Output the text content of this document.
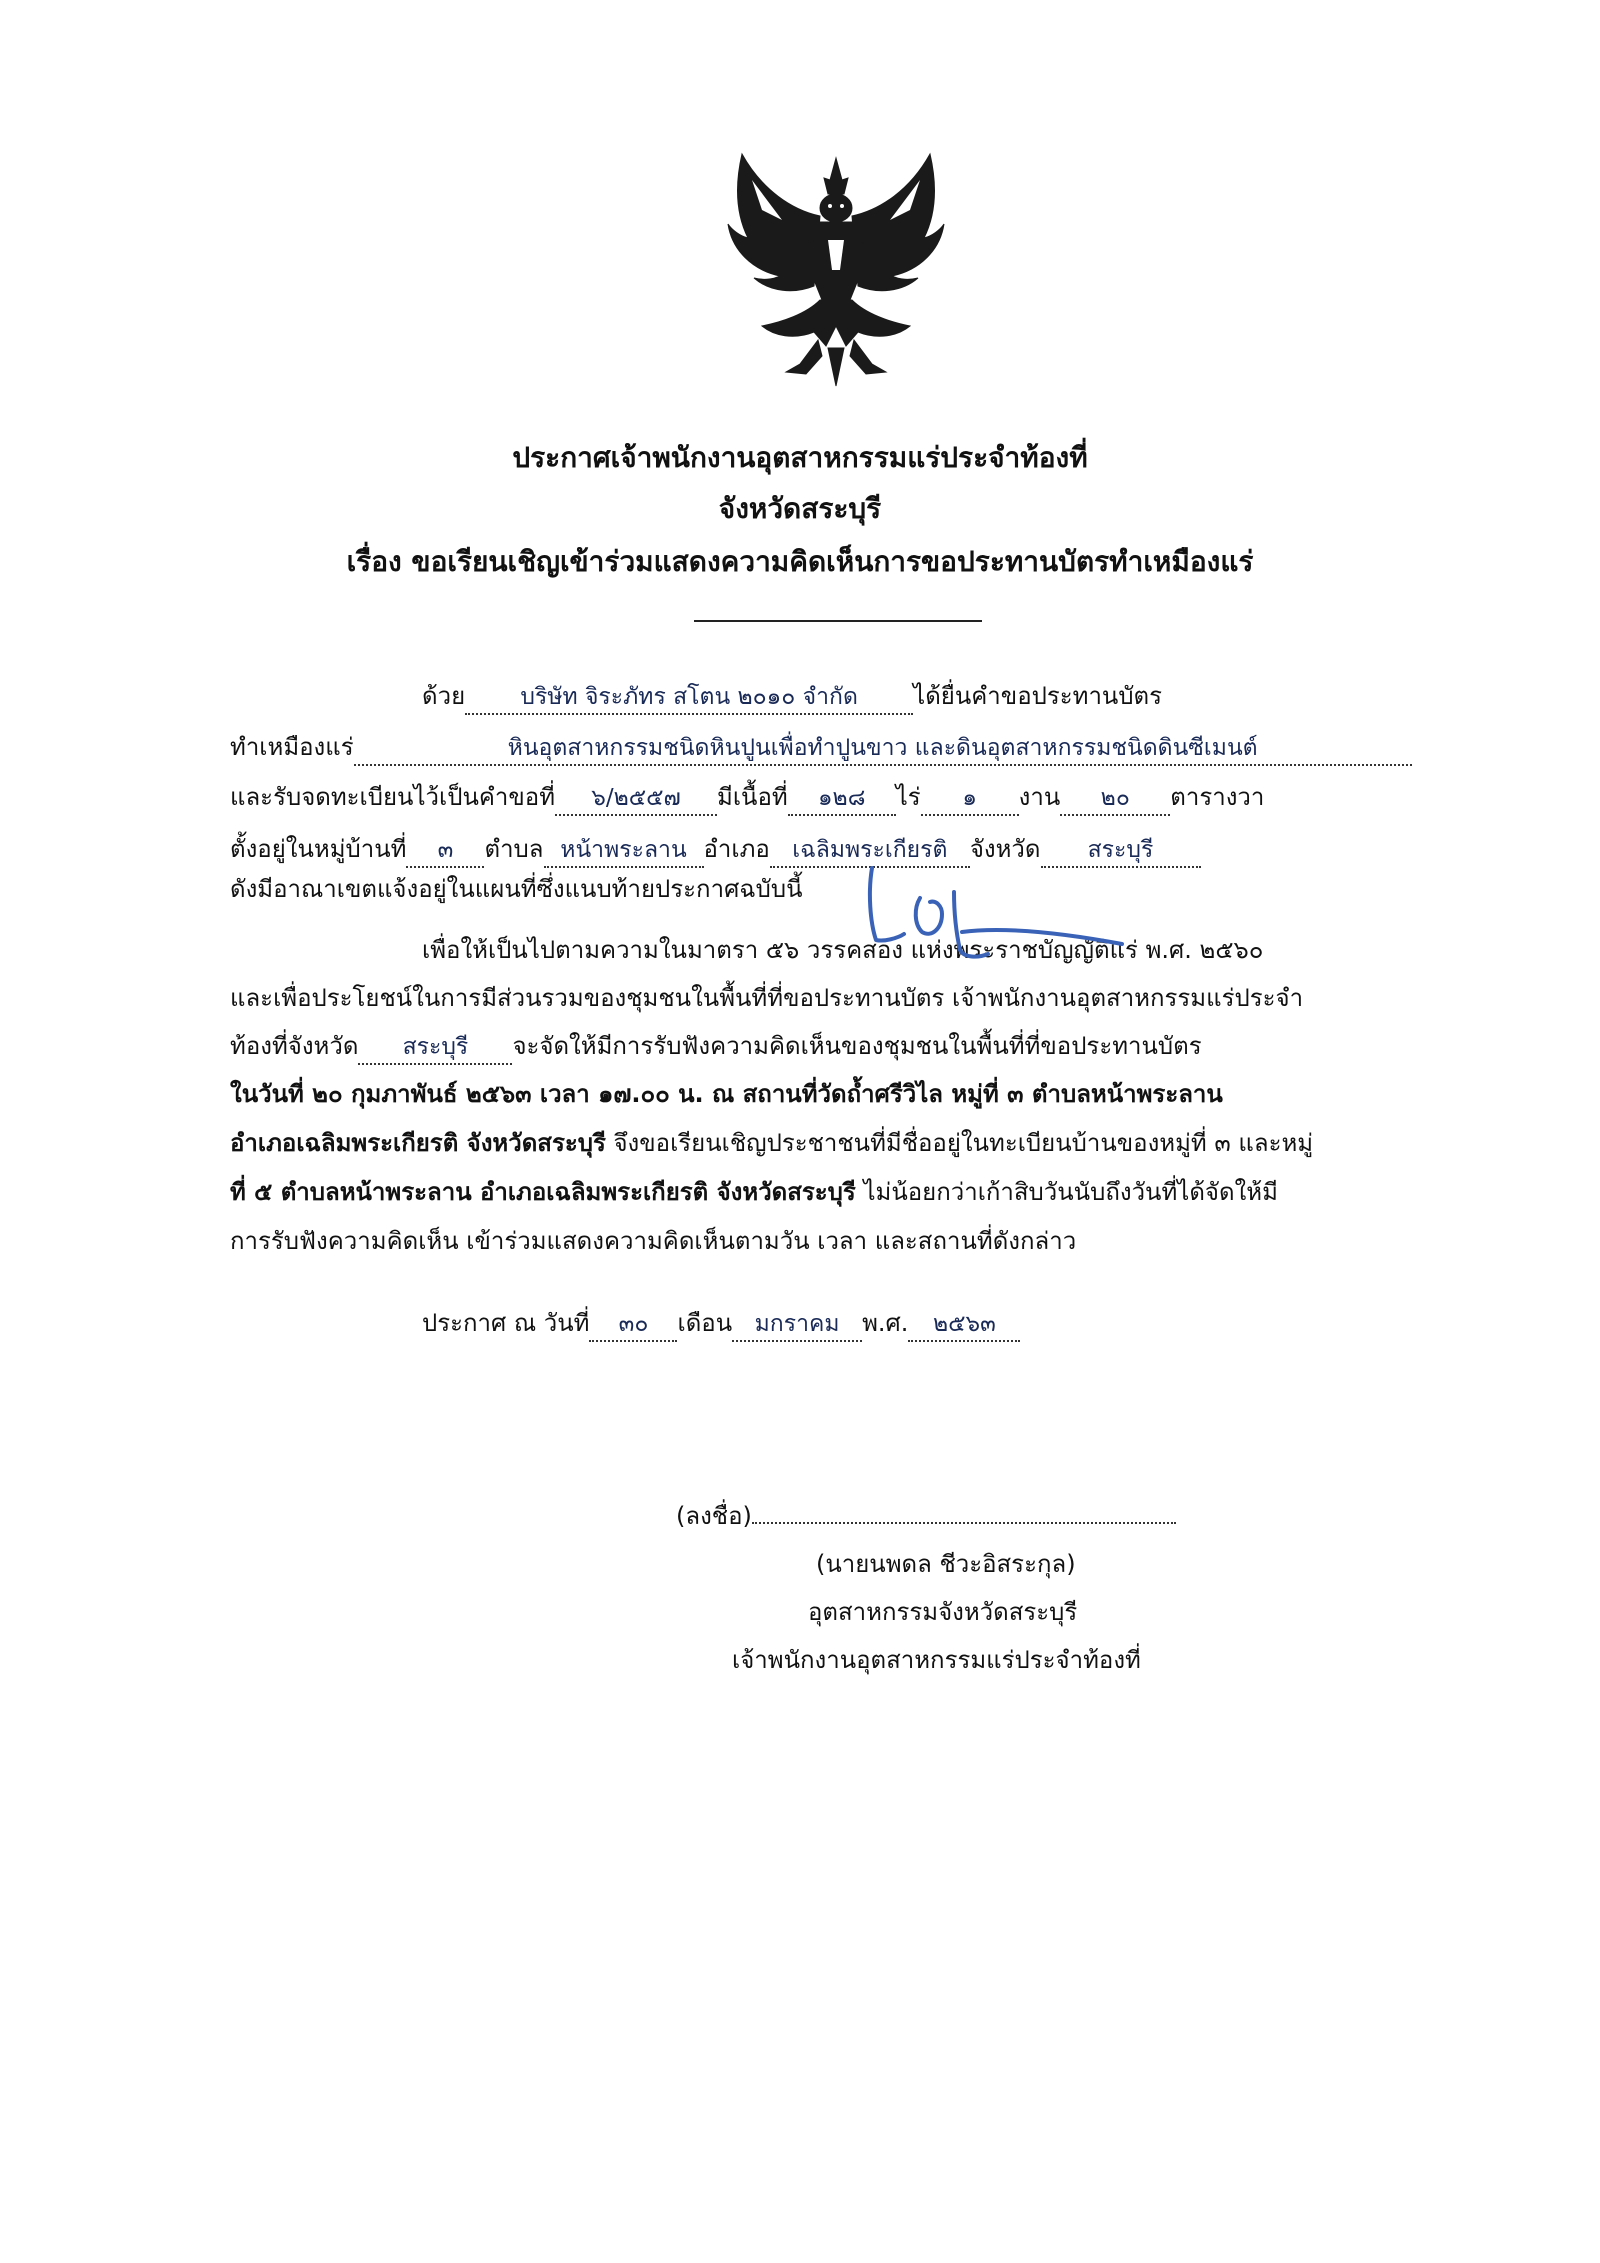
ประกาศเจ้าพนักงานอุตสาหกรรมแร่ประจำท้องที่
จังหวัดสระบุรี
เรื่อง ขอเรียนเชิญเข้าร่วมแสดงความคิดเห็นการขอประทานบัตรทำเหมืองแร่
ด้วย บริษัท จิระภัทร สโตน ๒๐๑๐ จำกัด ได้ยื่นคำขอประทานบัตร
ทำเหมืองแร่	หินอุตสาหกรรมชนิดหินปูนเพื่อทำปูนขาว และดินอุตสาหกรรมชนิดดินซีเมนต์
และรับจดทะเบียนไว้เป็นคำขอที่ ๖/๒๕๕๗ มีเนื้อที่ ๑๒๘ ไร่ ๑ งาน ๒๐ ตารางวา
ตั้งอยู่ในหมู่บ้านที่ ๓ ตำบล หน้าพระลาน อำเภอ เฉลิมพระเกียรติ จังหวัด สระบุรี
ดังมีอาณาเขตแจ้งอยู่ในแผนที่ซึ่งแนบท้ายประกาศฉบับนี้
เพื่อให้เป็นไปตามความในมาตรา ๕๖ วรรคสอง แห่งพระราชบัญญัติแร่ พ.ศ. ๒๕๖๐
และเพื่อประโยชน์ในการมีส่วนรวมของชุมชนในพื้นที่ที่ขอประทานบัตร เจ้าพนักงานอุตสาหกรรมแร่ประจำ
ท้องที่จังหวัด สระบุรี จะจัดให้มีการรับฟังความคิดเห็นของชุมชนในพื้นที่ที่ขอประทานบัตร
ในวันที่ ๒๐ กุมภาพันธ์ ๒๕๖๓ เวลา ๑๗.๐๐ น. ณ สถานที่วัดถ้ำศรีวิไล หมู่ที่ ๓ ตำบลหน้าพระลาน
อำเภอเฉลิมพระเกียรติ จังหวัดสระบุรี จึงขอเรียนเชิญประชาชนที่มีชื่ออยู่ในทะเบียนบ้านของหมู่ที่ ๓ และหมู่
ที่ ๕ ตำบลหน้าพระลาน อำเภอเฉลิมพระเกียรติ จังหวัดสระบุรี ไม่น้อยกว่าเก้าสิบวันนับถึงวันที่ได้จัดให้มี
การรับฟังความคิดเห็น เข้าร่วมแสดงความคิดเห็นตามวัน เวลา และสถานที่ดังกล่าว
ประกาศ ณ วันที่ ๓๐ เดือน มกราคม พ.ศ. ๒๕๖๓
(ลงชื่อ)
(นายนพดล ชีวะอิสระกุล)
อุตสาหกรรมจังหวัดสระบุรี
เจ้าพนักงานอุตสาหกรรมแร่ประจำท้องที่
